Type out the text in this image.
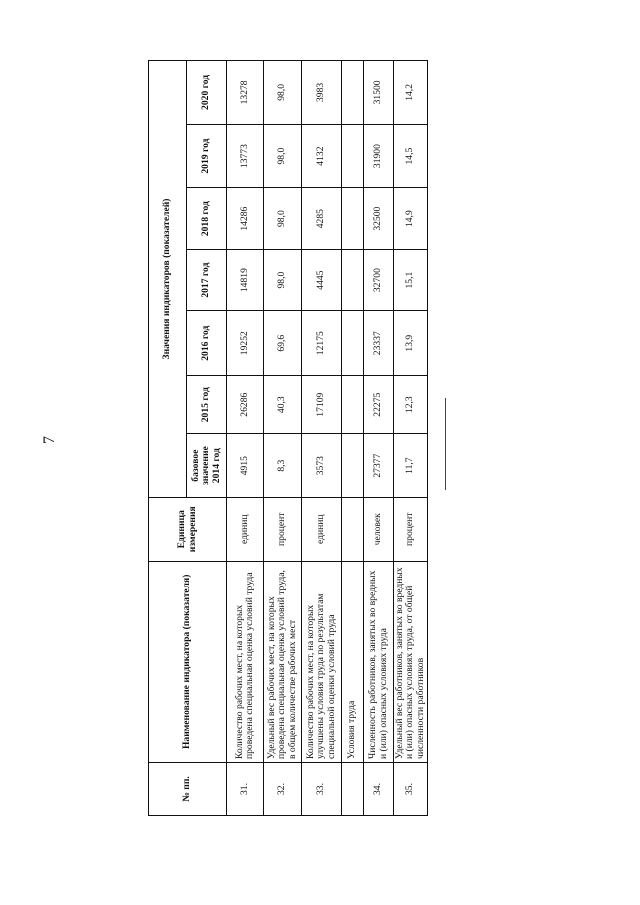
7
№ пп.	Наименование индикатора (показателя)	Единица измерения	Значения индикаторов (показателей)						
			базовое значение 2014 год	2015 год	2016 год	2017 год	2018 год	2019 год	2020 год
31.	Количество рабочих мест, на которых проведена специальная оценка условий труда	единиц	4915	26286	19252	14819	14286	13773	13278
32.	Удельный вес рабочих мест, на которых проведена специальная оценка условий труда, в общем количестве рабочих мест	процент	8,3	40,3	69,6	98,0	98,0	98,0	98,0
33.	Количество рабочих мест, на которых улучшены условия труда по результатам специальной оценки условий труда	единиц	3573	17109	12175	4445	4285	4132	3983
	Условия труда								
34.	Численность работников, занятых во вредных и (или) опасных условиях труда	человек	27377	22275	23337	32700	32500	31900	31500
35.	Удельный вес работников, занятых во вредных и (или) опасных условиях труда, от общей численности работников	процент	11,7	12,3	13,9	15,1	14,9	14,5	14,2
